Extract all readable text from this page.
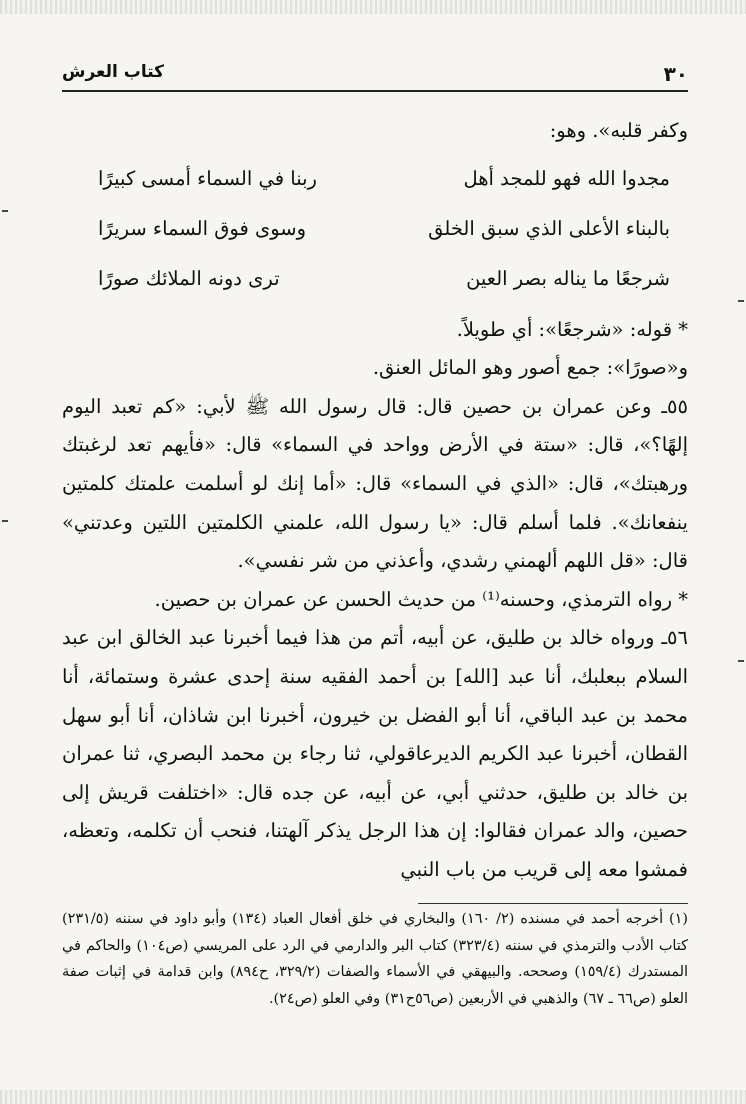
٣٠
كتاب العرش

وكفر قلبه». وهو:

مجدوا الله فهو للمجد أهل
ربنا في السماء أمسى كبيرًا
بالبناء الأعلى الذي سبق الخلق
وسوى فوق السماء سريرًا
شرجعًا ما يناله بصر العين
ترى دونه الملائك صورًا

* قوله: «شرجعًا»: أي طويلاً.

و«صورًا»: جمع أصور وهو المائل العنق.

٥٥ـ وعن عمران بن حصين قال: قال رسول الله ﷺ لأبي: «كم تعبد اليوم إلهًا؟»، قال: «ستة في الأرض وواحد في السماء» قال: «فأيهم تعد لرغبتك ورهبتك»، قال: «الذي في السماء» قال: «أما إنك لو أسلمت علمتك كلمتين ينفعانك». فلما أسلم قال: «يا رسول الله، علمني الكلمتين اللتين وعدتني» قال: «قل اللهم ألهمني رشدي، وأعذني من شر نفسي».

* رواه الترمذي، وحسنه⁽¹⁾ من حديث الحسن عن عمران بن حصين.

٥٦ـ ورواه خالد بن طليق، عن أبيه، أتم من هذا فيما أخبرنا عبد الخالق ابن عبد السلام ببعلبك، أنا عبد [الله] بن أحمد الفقيه سنة إحدى عشرة وستمائة، أنا محمد بن عبد الباقي، أنا أبو الفضل بن خيرون، أخبرنا ابن شاذان، أنا أبو سهل القطان، أخبرنا عبد الكريم الديرعاقولي، ثنا رجاء بن محمد البصري، ثنا عمران بن خالد بن طليق، حدثني أبي، عن أبيه، عن جده قال: «اختلفت قريش إلى حصين، والد عمران فقالوا: إن هذا الرجل يذكر آلهتنا، فنحب أن تكلمه، وتعظه، فمشوا معه إلى قريب من باب النبي

(١) أخرجه أحمد في مسنده (٢/ ١٦٠) والبخاري في خلق أفعال العباد (١٣٤) وأبو داود في سننه (٢٣١/٥) كتاب الأدب والترمذي في سننه (٣٢٣/٤) كتاب البر والدارمي في الرد على المريسي (ص١٠٤) والحاكم في المستدرك (١٥٩/٤) وصححه. والبيهقي في الأسماء والصفات (٣٢٩/٢، ح٨٩٤) وابن قدامة في إثبات صفة العلو (ص٦٦ ـ ٦٧) والذهبي في الأربعين (ص٥٦ح٣١) وفي العلو (ص٢٤).
